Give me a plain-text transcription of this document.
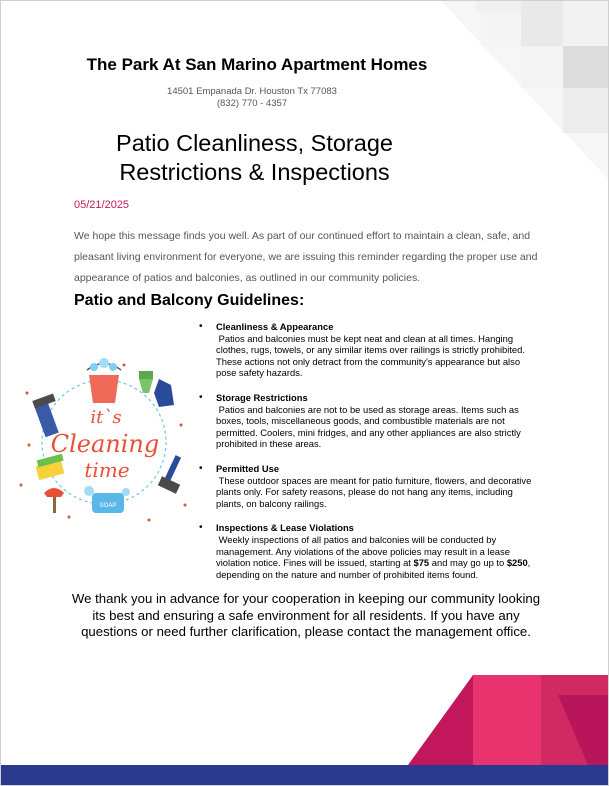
The Park At San Marino Apartment Homes
14501 Empanada Dr. Houston Tx 77083
(832) 770 - 4357
Patio Cleanliness, Storage
Restrictions & Inspections
05/21/2025

We hope this message finds you well. As part of our continued effort to maintain a clean, safe, and pleasant living environment for everyone, we are issuing this reminder regarding the proper use and appearance of patios and balconies, as outlined in our community policies.

Patio and Balcony Guidelines:
SOAP
it`s
Cleaning
time
• Cleanliness & Appearance
Patios and balconies must be kept neat and clean at all times. Hanging clothes, rugs, towels, or any similar items over railings is strictly prohibited. These actions not only detract from the community's appearance but also pose safety hazards.
• Storage Restrictions
Patios and balconies are not to be used as storage areas. Items such as boxes, tools, miscellaneous goods, and combustible materials are not permitted. Coolers, mini fridges, and any other appliances are also strictly prohibited in these areas.
• Permitted Use
These outdoor spaces are meant for patio furniture, flowers, and decorative plants only. For safety reasons, please do not hang any items, including plants, on balcony railings.
• Inspections & Lease Violations
Weekly inspections of all patios and balconies will be conducted by management. Any violations of the above policies may result in a lease violation notice. Fines will be issued, starting at $75 and may go up to $250, depending on the nature and number of prohibited items found.

We thank you in advance for your cooperation in keeping our community looking its best and ensuring a safe environment for all residents. If you have any questions or need further clarification, please contact the management office.
